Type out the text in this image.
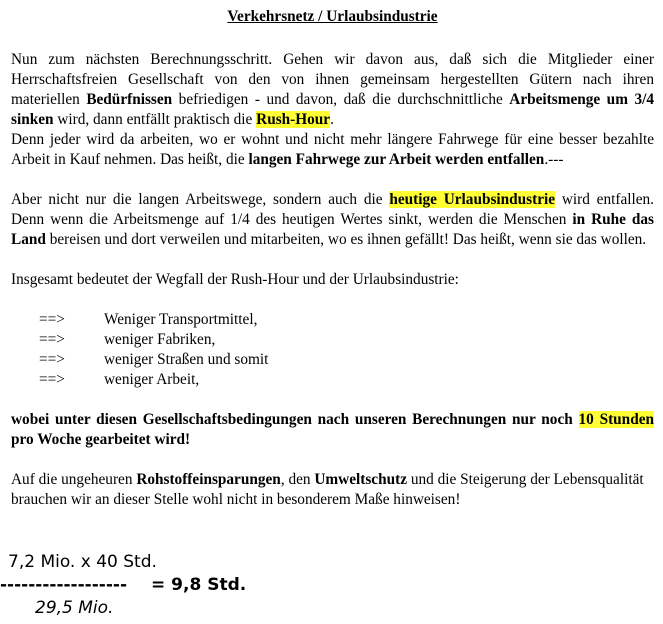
Verkehrsnetz / Urlaubsindustrie

Nun zum nächsten Berechnungsschritt. Gehen wir davon aus, daß sich die Mitglieder einer Herrschaftsfreien Gesellschaft von den von ihnen gemeinsam hergestellten Gütern nach ihren materiellen Bedürfnissen befriedigen - und davon, daß die durchschnittliche Arbeitsmenge um 3/4 sinken wird, dann entfällt praktisch die Rush-Hour.
Denn jeder wird da arbeiten, wo er wohnt und nicht mehr längere Fahrwege für eine besser bezahlte Arbeit in Kauf nehmen. Das heißt, die langen Fahrwege zur Arbeit werden entfallen.---

Aber nicht nur die langen Arbeitswege, sondern auch die heutige Urlaubsindustrie wird entfallen. Denn wenn die Arbeitsmenge auf 1/4 des heutigen Wertes sinkt, werden die Menschen in Ruhe das Land bereisen und dort verweilen und mitarbeiten, wo es ihnen gefällt! Das heißt, wenn sie das wollen.

Insgesamt bedeutet der Wegfall der Rush-Hour und der Urlaubsindustrie:

==>	Weniger Transportmittel,
==>	weniger Fabriken,
==>	weniger Straßen und somit
==>	weniger Arbeit,

wobei unter diesen Gesellschaftsbedingungen nach unseren Berechnungen nur noch 10 Stunden pro Woche gearbeitet wird!

Auf die ungeheuren Rohstoffeinsparungen, den Umweltschutz und die Steigerung der Lebensqualität brauchen wir an dieser Stelle wohl nicht in besonderem Maße hinweisen!

7,2 Mio. x 40 Std.
------------------ = 9,8 Std.
29,5 Mio.
